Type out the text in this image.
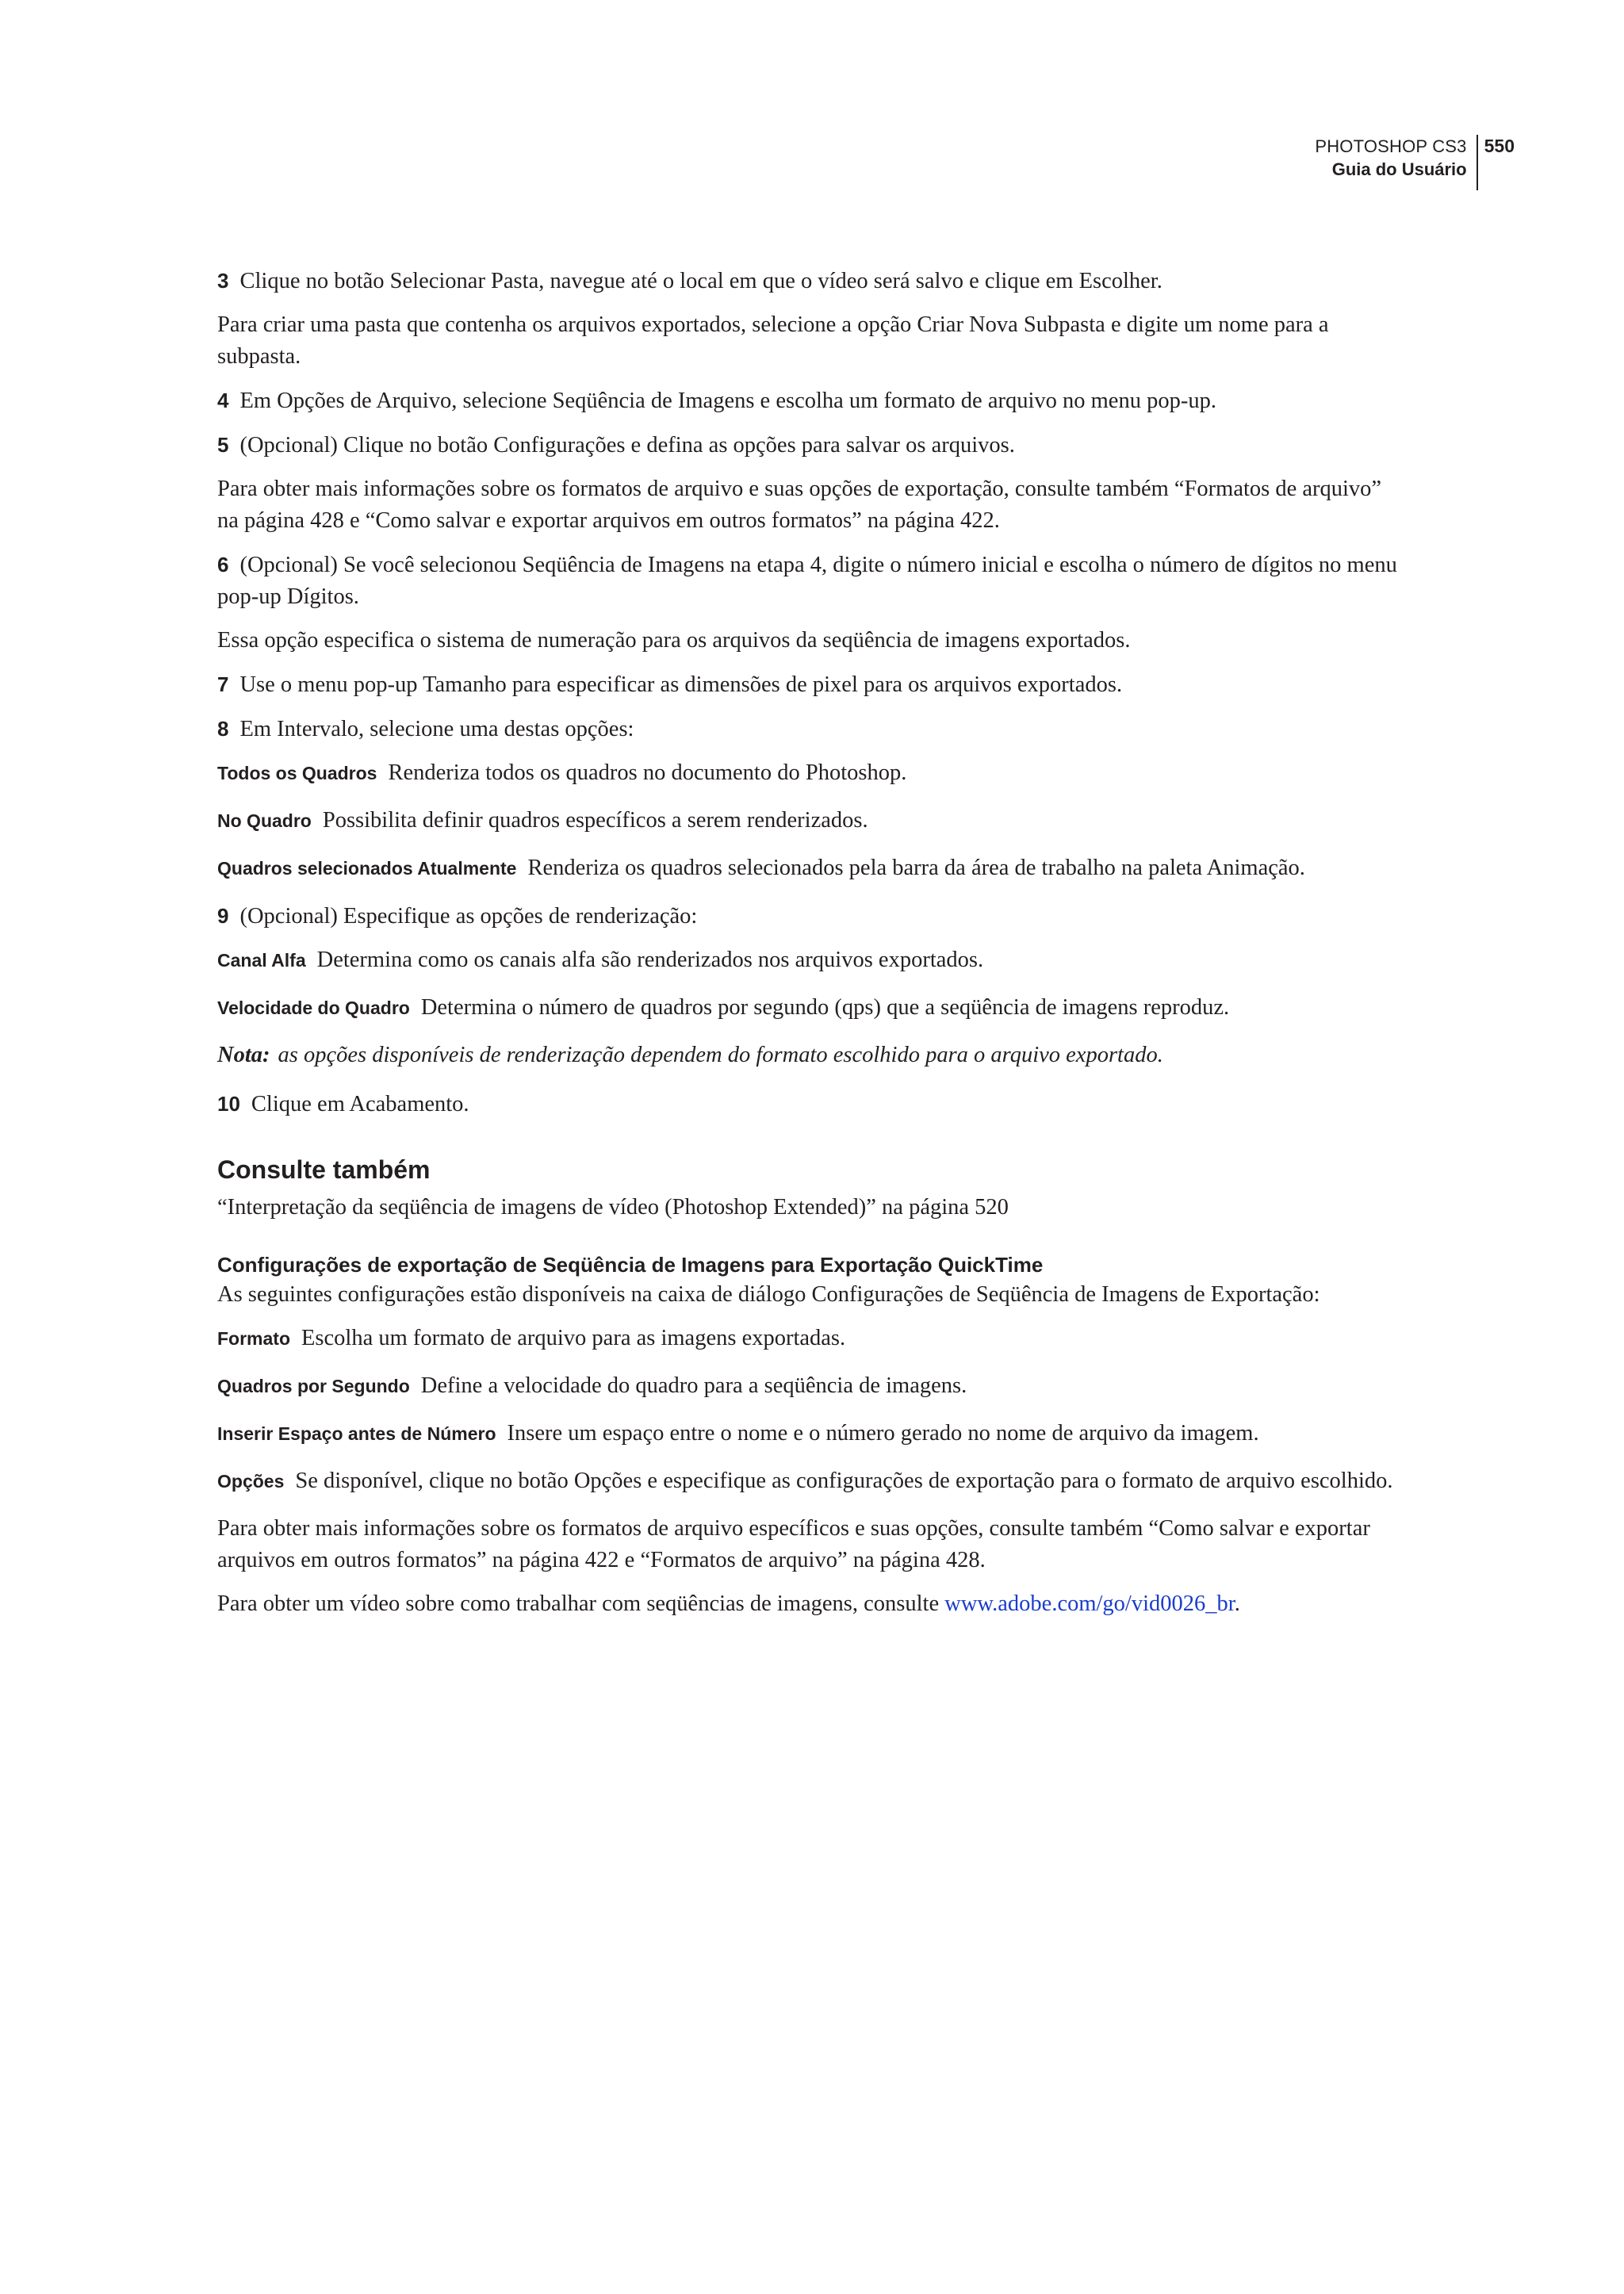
PHOTOSHOP CS3
Guia do Usuário
550

3 Clique no botão Selecionar Pasta, navegue até o local em que o vídeo será salvo e clique em Escolher.

Para criar uma pasta que contenha os arquivos exportados, selecione a opção Criar Nova Subpasta e digite um nome para a subpasta.

4 Em Opções de Arquivo, selecione Seqüência de Imagens e escolha um formato de arquivo no menu pop-up.

5 (Opcional) Clique no botão Configurações e defina as opções para salvar os arquivos.

Para obter mais informações sobre os formatos de arquivo e suas opções de exportação, consulte também “Formatos de arquivo” na página 428 e “Como salvar e exportar arquivos em outros formatos” na página 422.

6 (Opcional) Se você selecionou Seqüência de Imagens na etapa 4, digite o número inicial e escolha o número de dígitos no menu pop-up Dígitos.

Essa opção especifica o sistema de numeração para os arquivos da seqüência de imagens exportados.

7 Use o menu pop-up Tamanho para especificar as dimensões de pixel para os arquivos exportados.

8 Em Intervalo, selecione uma destas opções:

Todos os Quadros Renderiza todos os quadros no documento do Photoshop.

No Quadro Possibilita definir quadros específicos a serem renderizados.

Quadros selecionados Atualmente Renderiza os quadros selecionados pela barra da área de trabalho na paleta Animação.

9 (Opcional) Especifique as opções de renderização:

Canal Alfa Determina como os canais alfa são renderizados nos arquivos exportados.

Velocidade do Quadro Determina o número de quadros por segundo (qps) que a seqüência de imagens reproduz.

Nota: as opções disponíveis de renderização dependem do formato escolhido para o arquivo exportado.

10 Clique em Acabamento.

Consulte também

“Interpretação da seqüência de imagens de vídeo (Photoshop Extended)” na página 520

Configurações de exportação de Seqüência de Imagens para Exportação QuickTime

As seguintes configurações estão disponíveis na caixa de diálogo Configurações de Seqüência de Imagens de Exportação:

Formato Escolha um formato de arquivo para as imagens exportadas.

Quadros por Segundo Define a velocidade do quadro para a seqüência de imagens.

Inserir Espaço antes de Número Insere um espaço entre o nome e o número gerado no nome de arquivo da imagem.

Opções Se disponível, clique no botão Opções e especifique as configurações de exportação para o formato de arquivo escolhido.

Para obter mais informações sobre os formatos de arquivo específicos e suas opções, consulte também “Como salvar e exportar arquivos em outros formatos” na página 422 e “Formatos de arquivo” na página 428.

Para obter um vídeo sobre como trabalhar com seqüências de imagens, consulte www.adobe.com/go/vid0026_br.
